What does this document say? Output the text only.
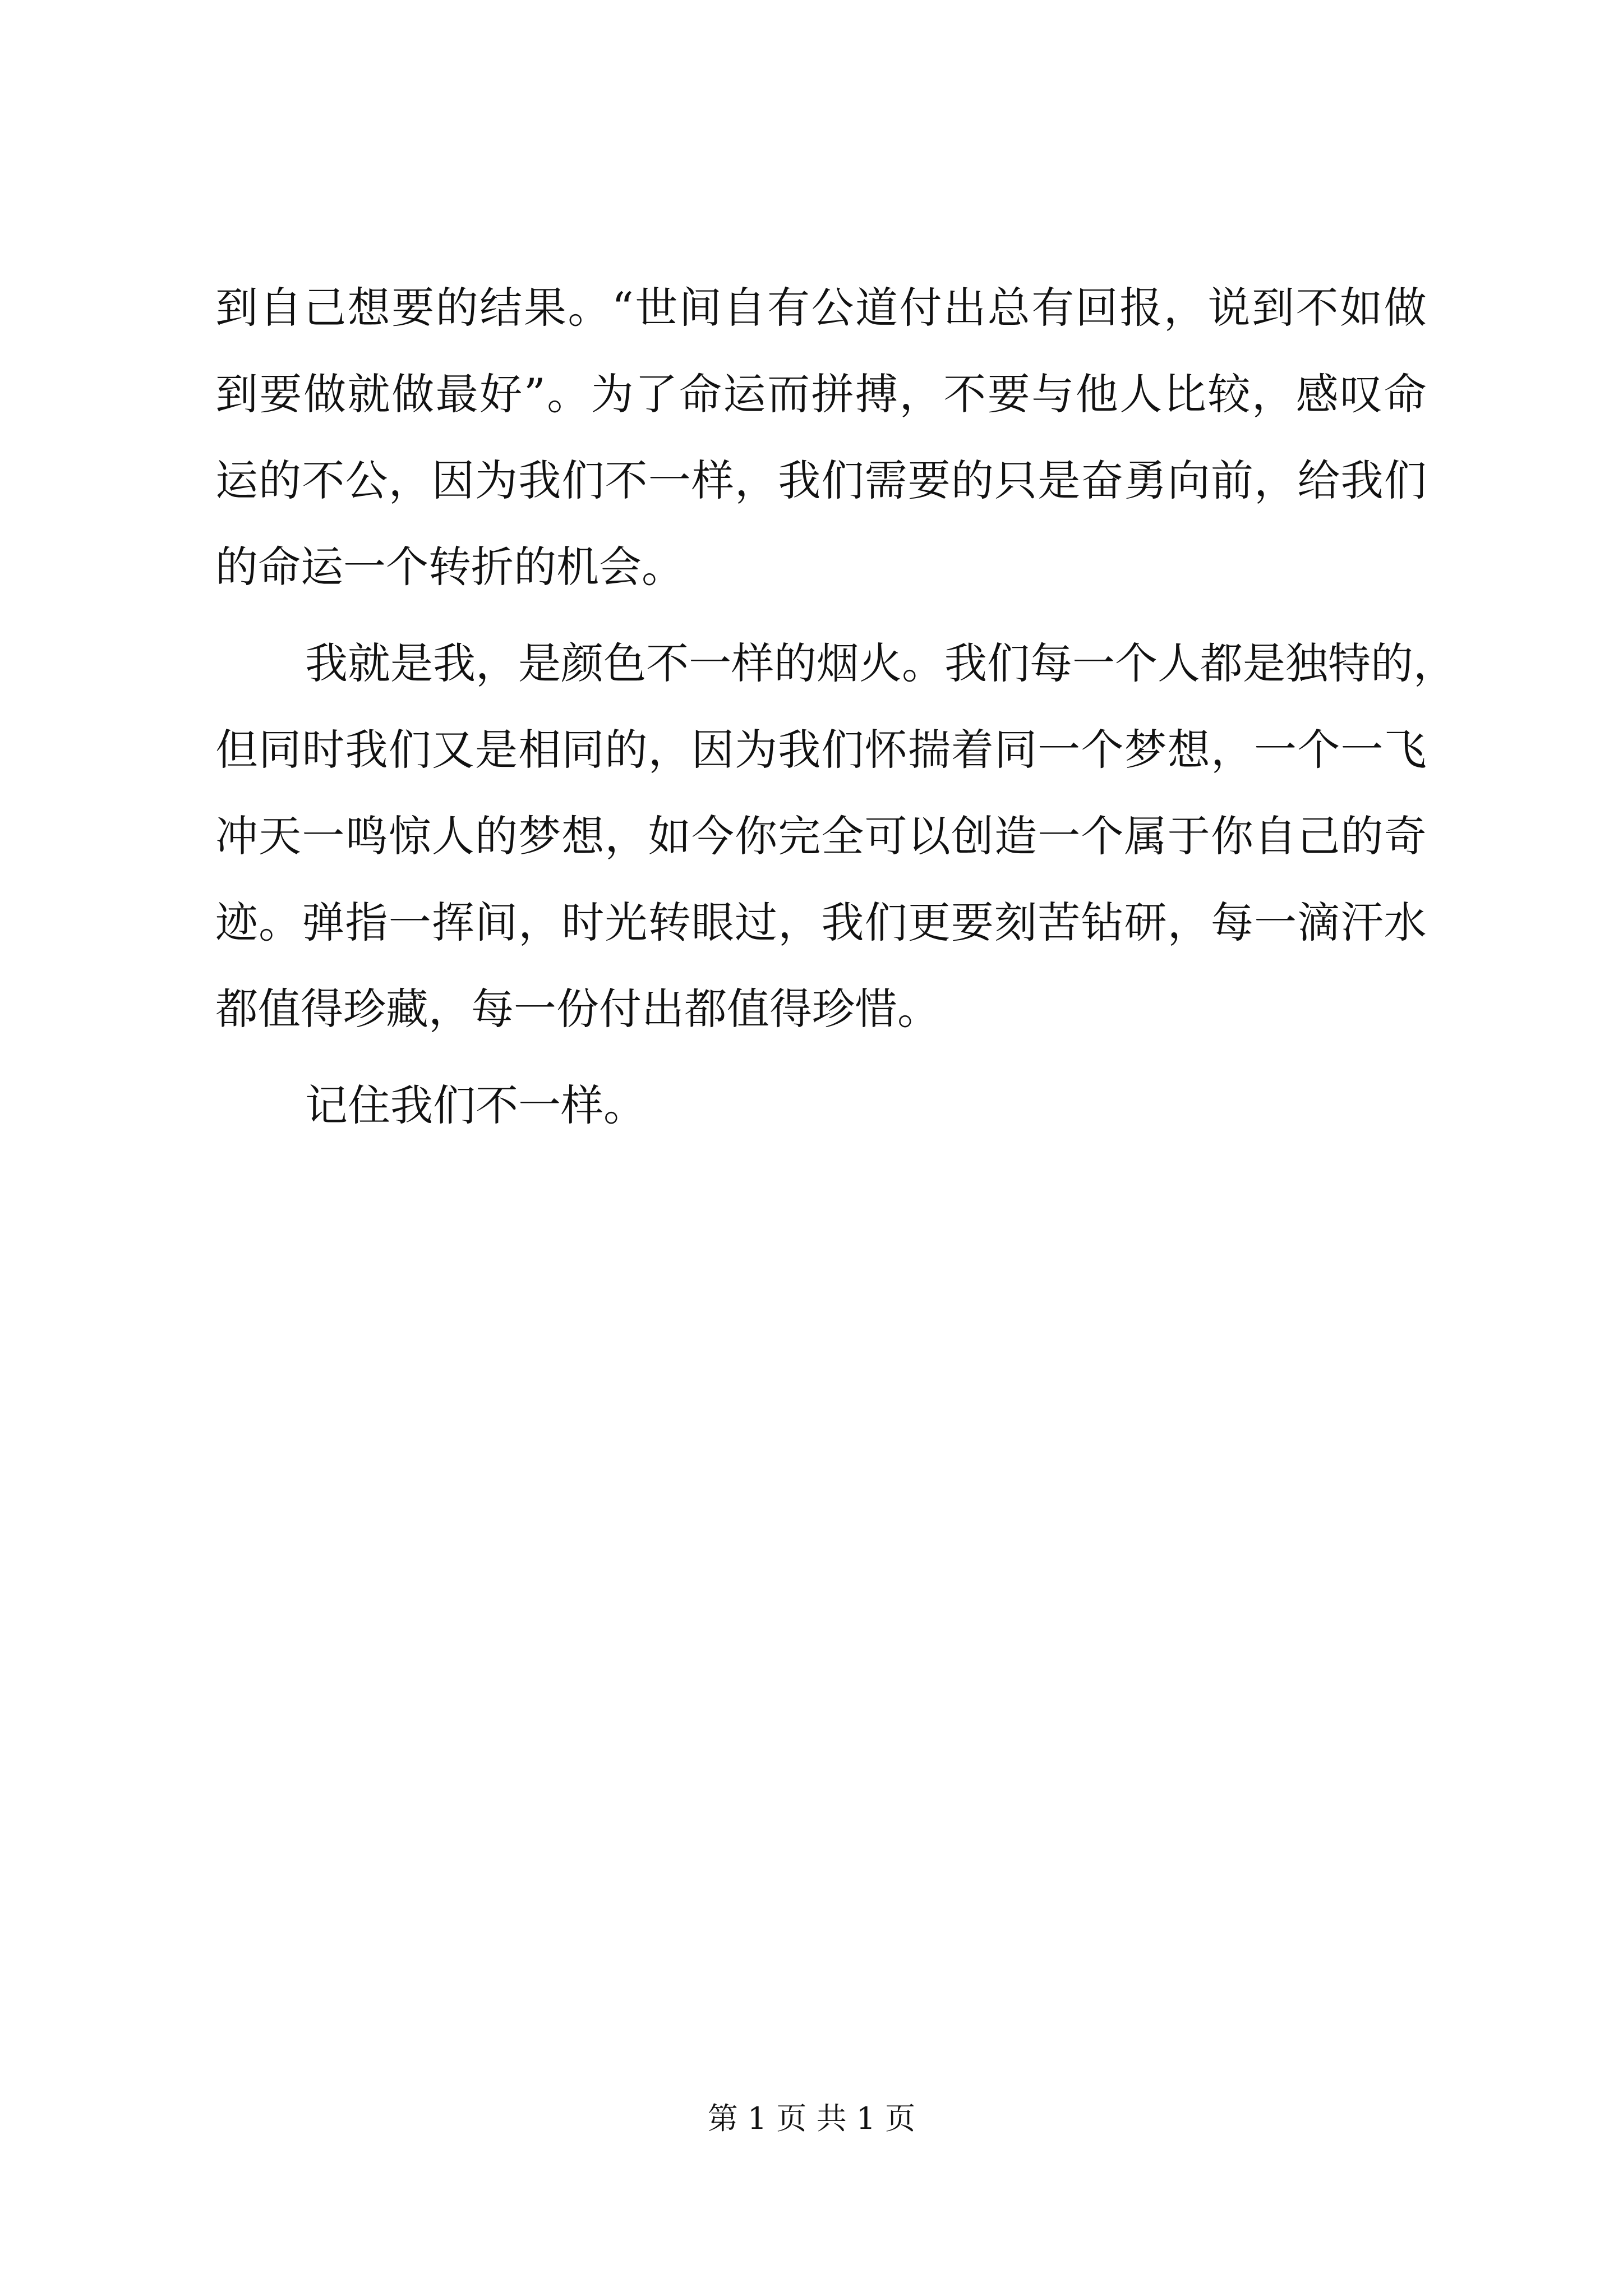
到 自 己 想 要 的 结 果 。 “ 世 间 自 有 公 道 付 出 总 有 回 报 ， 说 到 不 如 做
到 要 做 就 做 最 好 ” 。 为 了 命 运 而 拼 搏 ， 不 要 与 他 人 比 较 ， 感 叹 命
运 的 不 公 ， 因 为 我 们 不 一 样 ， 我 们 需 要 的 只 是 奋 勇 向 前 ， 给 我 们
的命运一个转折的机会。
我 就 是 我 ， 是 颜 色 不 一 样 的 烟 火 。 我 们 每 一 个 人 都 是 独 特 的 ，
但 同 时 我 们 又 是 相 同 的 ， 因 为 我 们 怀 揣 着 同 一 个 梦 想 ， 一 个 一 飞
冲 天 一 鸣 惊 人 的 梦 想 ， 如 今 你 完 全 可 以 创 造 一 个 属 于 你 自 己 的 奇
迹 。 弹 指 一 挥 间 ， 时 光 转 眼 过 ， 我 们 更 要 刻 苦 钻 研 ， 每 一 滴 汗 水
都值得珍藏，每一份付出都值得珍惜。
记住我们不一样。
第 1 页 共 1 页
